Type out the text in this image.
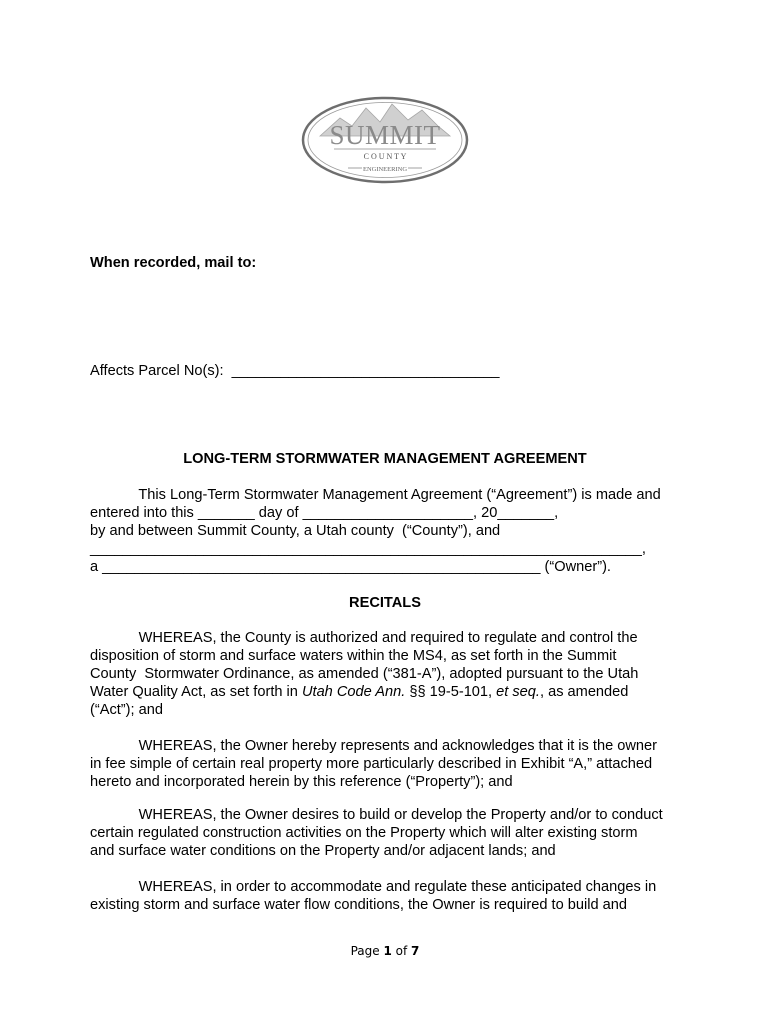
SUMMIT
C O U N T Y
ENGINEERING
When recorded, mail to:
Affects Parcel No(s):  _________________________________
LONG-TERM STORMWATER MANAGEMENT AGREEMENT
This Long-Term Stormwater Management Agreement (“Agreement”) is made and
entered into this _______ day of _____________________, 20_______,
by and between Summit County, a Utah county  (“County”), and
____________________________________________________________________,
a ______________________________________________________ (“Owner”).
RECITALS
WHEREAS, the County is authorized and required to regulate and control the
disposition of storm and surface waters within the MS4, as set forth in the Summit
County  Stormwater Ordinance, as amended (“381-A”), adopted pursuant to the Utah
Water Quality Act, as set forth in Utah Code Ann. §§ 19-5-101, et seq., as amended
(“Act”); and
WHEREAS, the Owner hereby represents and acknowledges that it is the owner
in fee simple of certain real property more particularly described in Exhibit “A,” attached
hereto and incorporated herein by this reference (“Property”); and
WHEREAS, the Owner desires to build or develop the Property and/or to conduct
certain regulated construction activities on the Property which will alter existing storm
and surface water conditions on the Property and/or adjacent lands; and
WHEREAS, in order to accommodate and regulate these anticipated changes in
existing storm and surface water flow conditions, the Owner is required to build and
Page 1 of 7
